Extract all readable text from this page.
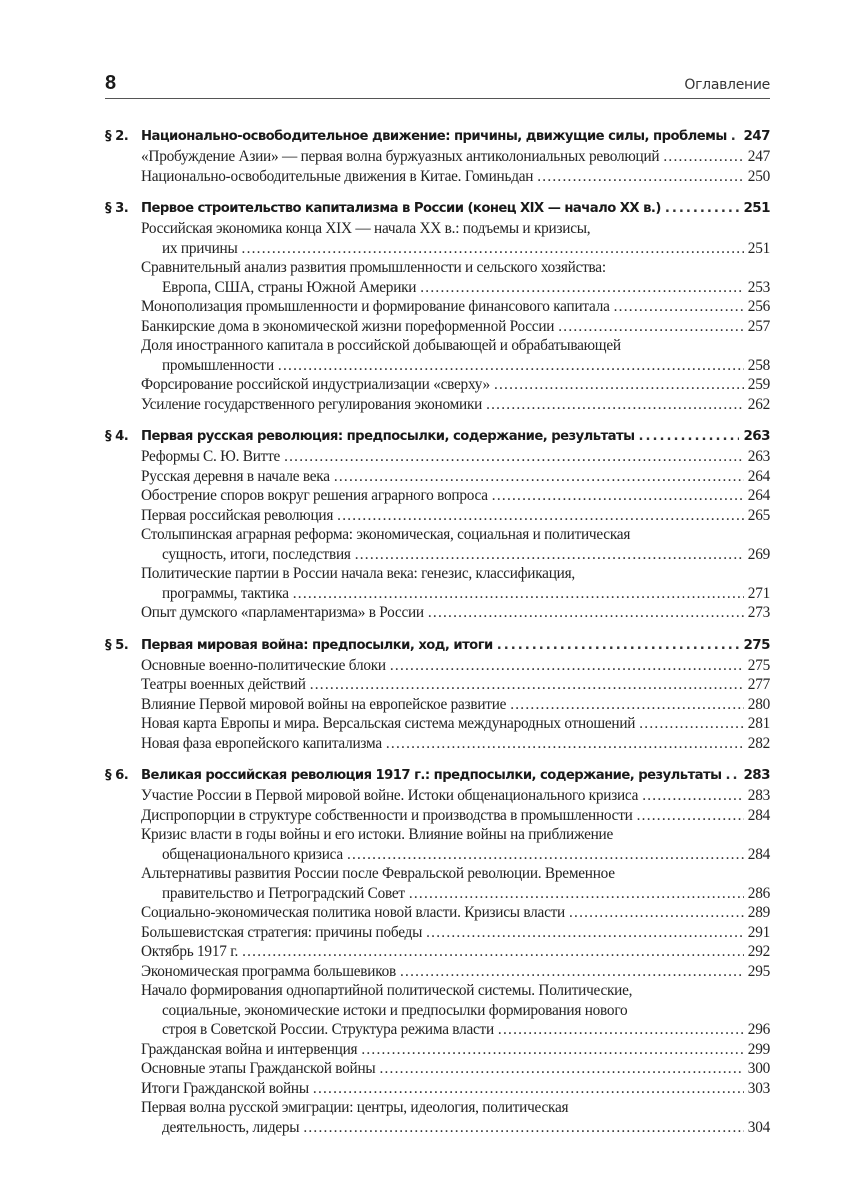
8	Оглавление
§ 2. Национально-освободительное движение: причины, движущие силы, проблемы . . . 247
«Пробуждение Азии» — первая волна буржуазных антиколониальных революций . . .	247
Национально-освободительные движения в Китае. Гоминьдан . . .	250
§ 3. Первое строительство капитализма в России (конец XIX — начало XX в.) . . .	251
Российская экономика конца XIX — начала XX в.: подъемы и кризисы,
их причины . . .	251
Сравнительный анализ развития промышленности и сельского хозяйства:
Европа, США, страны Южной Америки . . .	253
Монополизация промышленности и формирование финансового капитала . . .	256
Банкирские дома в экономической жизни пореформенной России . . .	257
Доля иностранного капитала в российской добывающей и обрабатывающей
промышленности . . .	258
Форсирование российской индустриализации «сверху» . . .	259
Усиление государственного регулирования экономики . . .	262
§ 4. Первая русская революция: предпосылки, содержание, результаты . . .	263
Реформы С. Ю. Витте . . .	263
Русская деревня в начале века . . .	264
Обострение споров вокруг решения аграрного вопроса . . .	264
Первая российская революция . . .	265
Столыпинская аграрная реформа: экономическая, социальная и политическая
сущность, итоги, последствия . . .	269
Политические партии в России начала века: генезис, классификация,
программы, тактика . . .	271
Опыт думского «парламентаризма» в России . . .	273
§ 5. Первая мировая война: предпосылки, ход, итоги . . .	275
Основные военно-политические блоки . . .	275
Театры военных действий . . .	277
Влияние Первой мировой войны на европейское развитие . . .	280
Новая карта Европы и мира. Версальская система международных отношений . . .	281
Новая фаза европейского капитализма . . .	282
§ 6. Великая российская революция 1917 г.: предпосылки, содержание, результаты . . . 283
Участие России в Первой мировой войне. Истоки общенационального кризиса . . .	283
Диспропорции в структуре собственности и производства в промышленности . . .	284
Кризис власти в годы войны и его истоки. Влияние войны на приближение
общенационального кризиса . . .	284
Альтернативы развития России после Февральской революции. Временное
правительство и Петроградский Совет . . .	286
Социально-экономическая политика новой власти. Кризисы власти . . .	289
Большевистская стратегия: причины победы . . .	291
Октябрь 1917 г. . . .	292
Экономическая программа большевиков . . .	295
Начало формирования однопартийной политической системы. Политические,
социальные, экономические истоки и предпосылки формирования нового
строя в Советской России. Структура режима власти . . .	296
Гражданская война и интервенция . . .	299
Основные этапы Гражданской войны . . .	300
Итоги Гражданской войны . . .	303
Первая волна русской эмиграции: центры, идеология, политическая
деятельность, лидеры . . .	304
